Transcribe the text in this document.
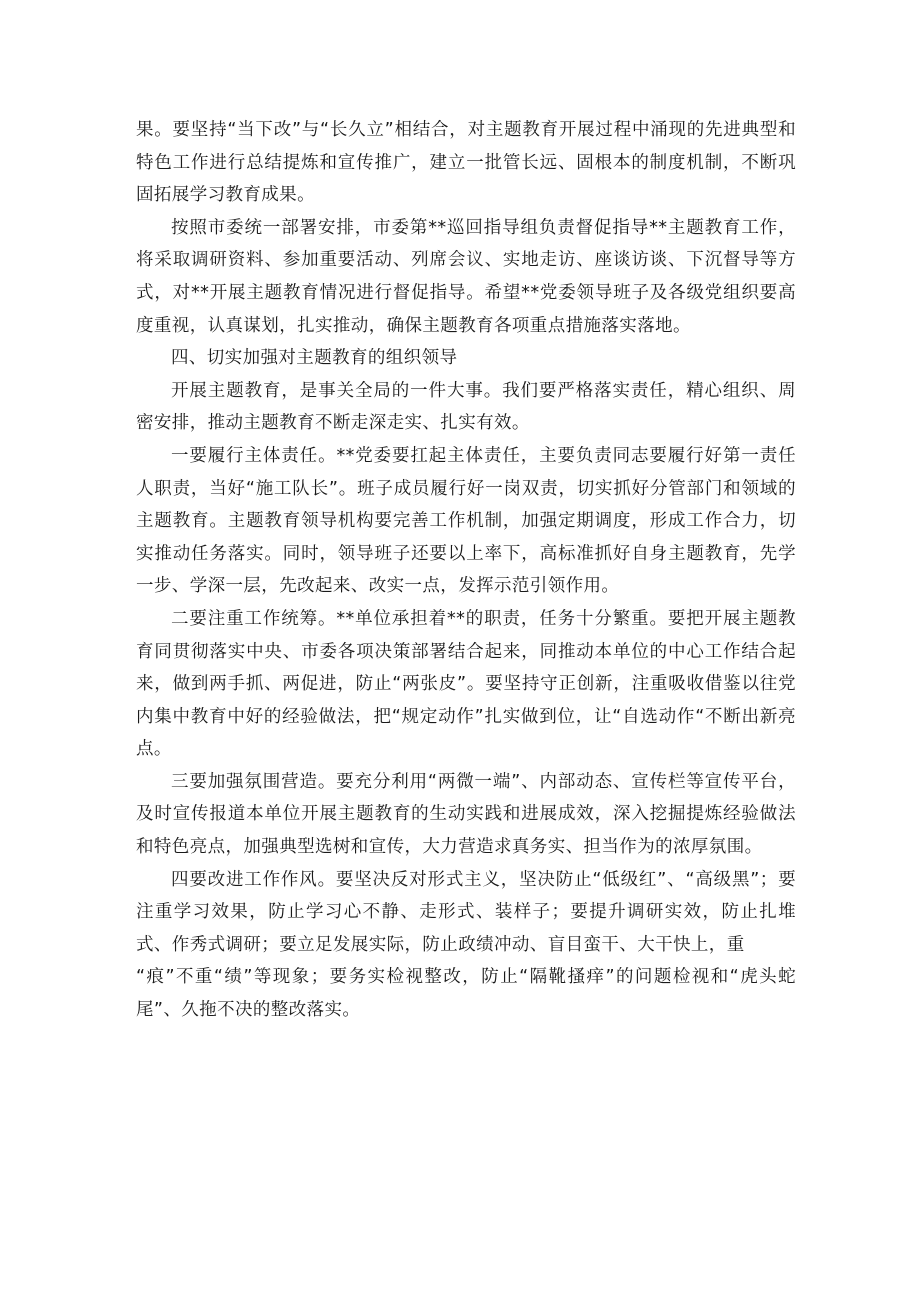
果。要坚持“当下改”与“长久立”相结合，对主题教育开展过程中涌现的先进典型和特色工作进行总结提炼和宣传推广，建立一批管长远、固根本的制度机制，不断巩固拓展学习教育成果。

按照市委统一部署安排，市委第**巡回指导组负责督促指导**主题教育工作，将采取调研资料、参加重要活动、列席会议、实地走访、座谈访谈、下沉督导等方式，对**开展主题教育情况进行督促指导。希望**党委领导班子及各级党组织要高度重视，认真谋划，扎实推动，确保主题教育各项重点措施落实落地。

四、切实加强对主题教育的组织领导

开展主题教育，是事关全局的一件大事。我们要严格落实责任，精心组织、周密安排，推动主题教育不断走深走实、扎实有效。

一要履行主体责任。**党委要扛起主体责任，主要负责同志要履行好第一责任人职责，当好“施工队长”。班子成员履行好一岗双责，切实抓好分管部门和领域的主题教育。主题教育领导机构要完善工作机制，加强定期调度，形成工作合力，切实推动任务落实。同时，领导班子还要以上率下，高标准抓好自身主题教育，先学一步、学深一层，先改起来、改实一点，发挥示范引领作用。

二要注重工作统筹。**单位承担着**的职责，任务十分繁重。要把开展主题教育同贯彻落实中央、市委各项决策部署结合起来，同推动本单位的中心工作结合起来，做到两手抓、两促进，防止“两张皮”。要坚持守正创新，注重吸收借鉴以往党内集中教育中好的经验做法，把“规定动作”扎实做到位，让“自选动作“不断出新亮点。

三要加强氛围营造。要充分利用“两微一端”、内部动态、宣传栏等宣传平台，及时宣传报道本单位开展主题教育的生动实践和进展成效，深入挖掘提炼经验做法和特色亮点，加强典型选树和宣传，大力营造求真务实、担当作为的浓厚氛围。

四要改进工作作风。要坚决反对形式主义，坚决防止“低级红”、“高级黑”；要注重学习效果，防止学习心不静、走形式、装样子；要提升调研实效，防止扎堆式、作秀式调研；要立足发展实际，防止政绩冲动、盲目蛮干、大干快上，重

“痕”不重“绩”等现象；要务实检视整改，防止“隔靴搔痒”的问题检视和“虎头蛇尾”、久拖不决的整改落实。
